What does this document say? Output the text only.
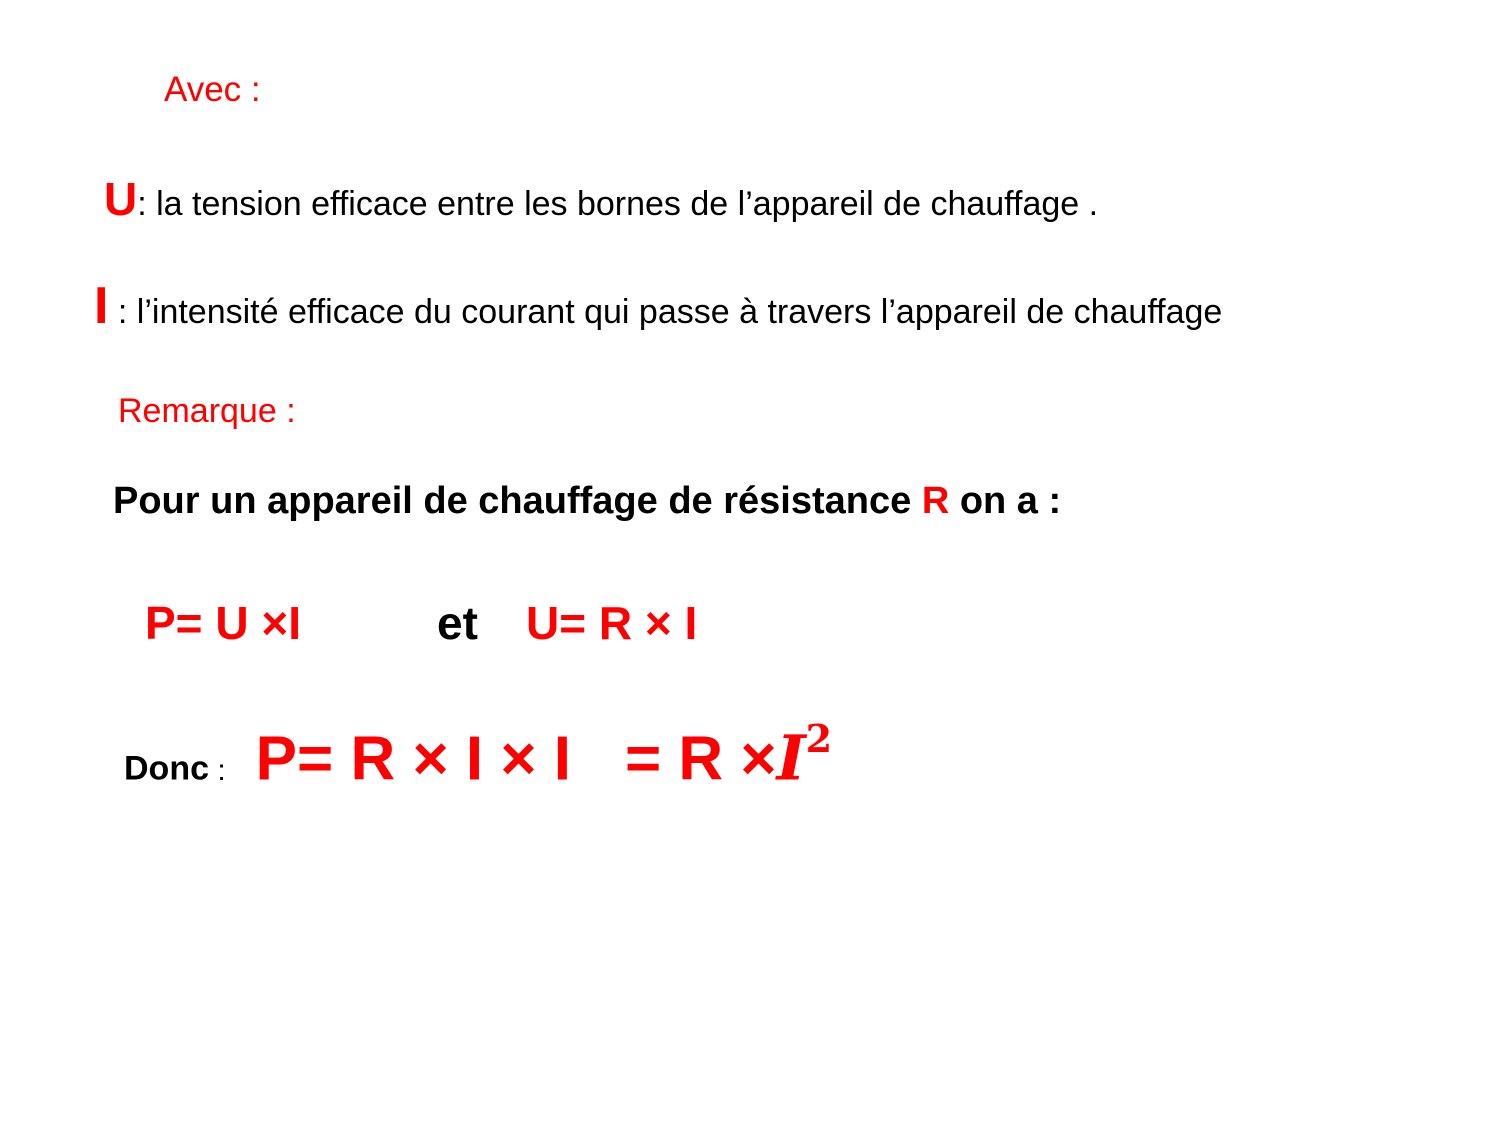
Avec :
U: la tension efficace entre les bornes de l’appareil de chauffage .
I : l’intensité efficace du courant qui passe à travers l’appareil de chauffage
Remarque :
Pour un appareil de chauffage de résistance R on a :
P= U ×I	et U= R × I
Donc : $P= R \times I \times I = R \times I^2$
